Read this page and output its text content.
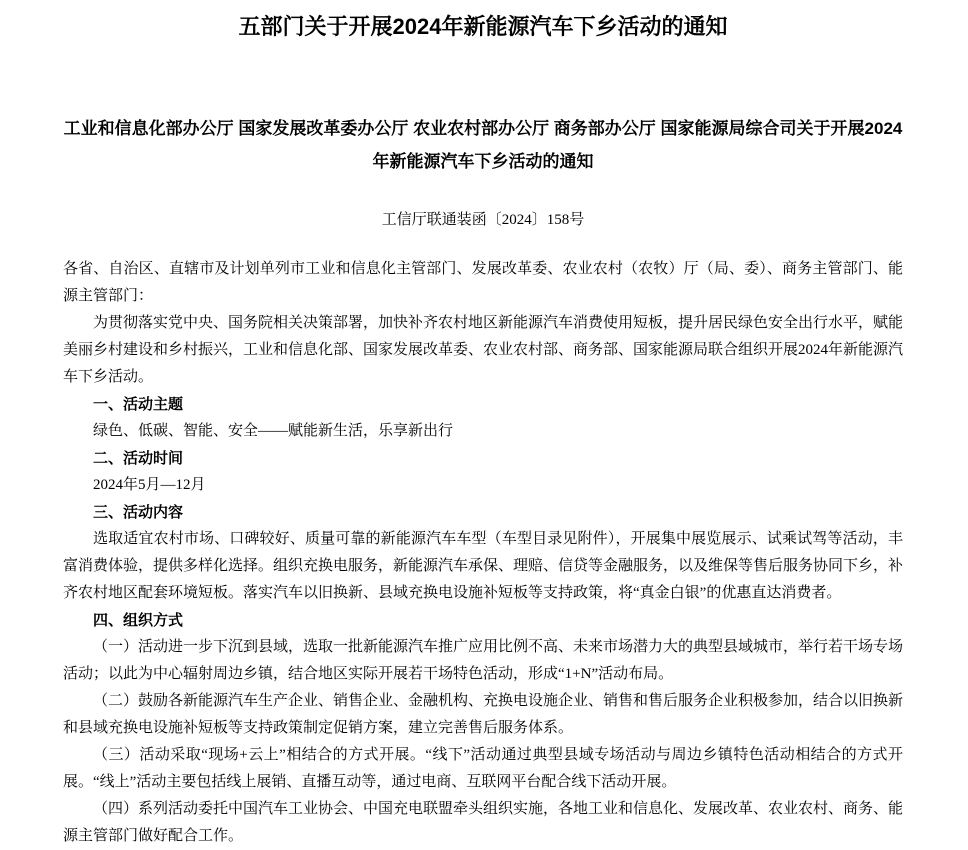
五部门关于开展2024年新能源汽车下乡活动的通知
工业和信息化部办公厅 国家发展改革委办公厅 农业农村部办公厅 商务部办公厅 国家能源局综合司关于开展2024年新能源汽车下乡活动的通知
工信厅联通装函〔2024〕158号

各省、自治区、直辖市及计划单列市工业和信息化主管部门、发展改革委、农业农村（农牧）厅（局、委）、商务主管部门、能源主管部门：

为贯彻落实党中央、国务院相关决策部署，加快补齐农村地区新能源汽车消费使用短板，提升居民绿色安全出行水平，赋能美丽乡村建设和乡村振兴，工业和信息化部、国家发展改革委、农业农村部、商务部、国家能源局联合组织开展2024年新能源汽车下乡活动。

一、活动主题

绿色、低碳、智能、安全——赋能新生活，乐享新出行

二、活动时间

2024年5月—12月

三、活动内容

选取适宜农村市场、口碑较好、质量可靠的新能源汽车车型（车型目录见附件），开展集中展览展示、试乘试驾等活动，丰富消费体验，提供多样化选择。组织充换电服务，新能源汽车承保、理赔、信贷等金融服务，以及维保等售后服务协同下乡，补齐农村地区配套环境短板。落实汽车以旧换新、县域充换电设施补短板等支持政策，将“真金白银”的优惠直达消费者。

四、组织方式

（一）活动进一步下沉到县域，选取一批新能源汽车推广应用比例不高、未来市场潜力大的典型县域城市，举行若干场专场活动；以此为中心辐射周边乡镇，结合地区实际开展若干场特色活动，形成“1+N”活动布局。

（二）鼓励各新能源汽车生产企业、销售企业、金融机构、充换电设施企业、销售和售后服务企业积极参加，结合以旧换新和县域充换电设施补短板等支持政策制定促销方案，建立完善售后服务体系。

（三）活动采取“现场+云上”相结合的方式开展。“线下”活动通过典型县域专场活动与周边乡镇特色活动相结合的方式开展。“线上”活动主要包括线上展销、直播互动等，通过电商、互联网平台配合线下活动开展。

（四）系列活动委托中国汽车工业协会、中国充电联盟牵头组织实施，各地工业和信息化、发展改革、农业农村、商务、能源主管部门做好配合工作。
